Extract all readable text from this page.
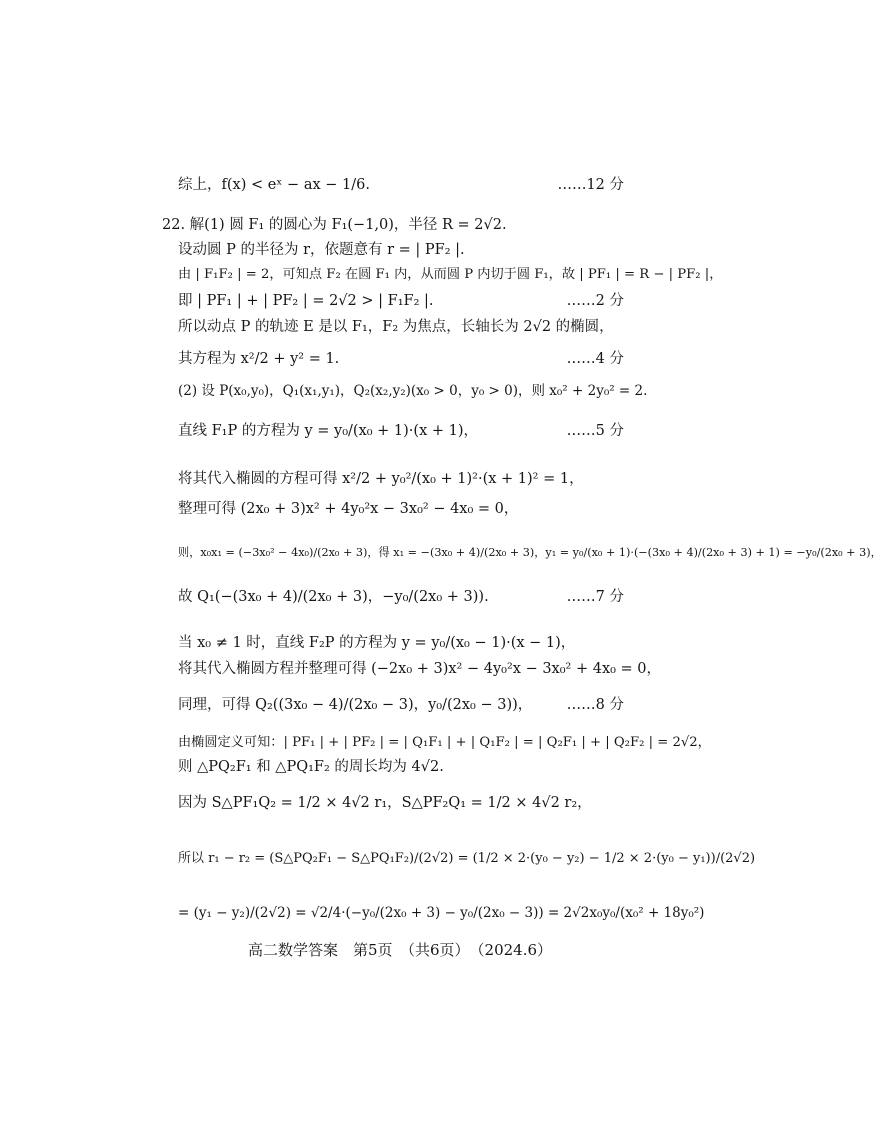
综上，f(x) < eˣ − ax − 1/6.	……12 分
22. 解(1) 圆 F₁ 的圆心为 F₁(−1,0)，半径 R = 2√2.
设动圆 P 的半径为 r，依题意有 r = | PF₂ |.
由 | F₁F₂ | = 2，可知点 F₂ 在圆 F₁ 内，从而圆 P 内切于圆 F₁，故 | PF₁ | = R − | PF₂ |，
即 | PF₁ | + | PF₂ | = 2√2 > | F₁F₂ |.	……2 分
所以动点 P 的轨迹 E 是以 F₁，F₂ 为焦点，长轴长为 2√2 的椭圆，
其方程为 x²/2 + y² = 1.	……4 分
(2) 设 P(x₀,y₀)，Q₁(x₁,y₁)，Q₂(x₂,y₂)(x₀ > 0，y₀ > 0)，则 x₀² + 2y₀² = 2.
直线 F₁P 的方程为 y = y₀/(x₀ + 1)·(x + 1)，	……5 分
将其代入椭圆的方程可得 x²/2 + y₀²/(x₀ + 1)²·(x + 1)² = 1，
整理可得 (2x₀ + 3)x² + 4y₀²x − 3x₀² − 4x₀ = 0，
则，x₀x₁ = (−3x₀² − 4x₀)/(2x₀ + 3)，得 x₁ = −(3x₀ + 4)/(2x₀ + 3)，y₁ = y₀/(x₀ + 1)·(−(3x₀ + 4)/(2x₀ + 3) + 1) = −y₀/(2x₀ + 3)，
故 Q₁(−(3x₀ + 4)/(2x₀ + 3)，−y₀/(2x₀ + 3)).	……7 分
当 x₀ ≠ 1 时，直线 F₂P 的方程为 y = y₀/(x₀ − 1)·(x − 1)，
将其代入椭圆方程并整理可得 (−2x₀ + 3)x² − 4y₀²x − 3x₀² + 4x₀ = 0，
同理，可得 Q₂((3x₀ − 4)/(2x₀ − 3)，y₀/(2x₀ − 3))， ……8 分
由椭圆定义可知：| PF₁ | + | PF₂ | = | Q₁F₁ | + | Q₁F₂ | = | Q₂F₁ | + | Q₂F₂ | = 2√2，
则 △PQ₂F₁ 和 △PQ₁F₂ 的周长均为 4√2.
因为 S△PF₁Q₂ = 1/2 × 4√2 r₁，S△PF₂Q₁ = 1/2 × 4√2 r₂，
所以 r₁ − r₂ = (S△PQ₂F₁ − S△PQ₁F₂)/(2√2) = (1/2 × 2·(y₀ − y₂) − 1/2 × 2·(y₀ − y₁))/(2√2)
= (y₁ − y₂)/(2√2) = √2/4·(−y₀/(2x₀ + 3) − y₀/(2x₀ − 3)) = 2√2x₀y₀/(x₀² + 18y₀²)
高二数学答案　第5页　（共6页）　（2024.6）
